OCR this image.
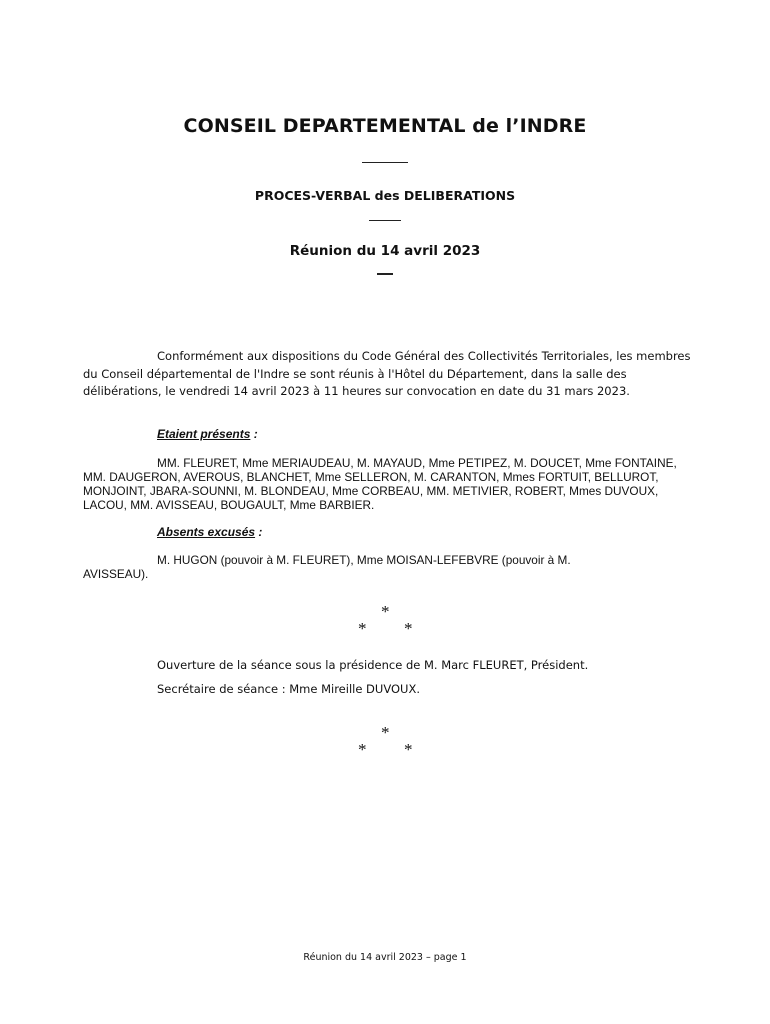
CONSEIL DEPARTEMENTAL de l’INDRE
PROCES-VERBAL des DELIBERATIONS
Réunion du 14 avril 2023
Conformément aux dispositions du Code Général des Collectivités Territoriales, les membres du Conseil départemental de l'Indre se sont réunis à l'Hôtel du Département, dans la salle des délibérations, le vendredi 14 avril 2023 à 11 heures sur convocation en date du 31 mars 2023.
Etaient présents :
MM. FLEURET, Mme MERIAUDEAU, M. MAYAUD, Mme PETIPEZ, M. DOUCET, Mme FONTAINE, MM. DAUGERON, AVEROUS, BLANCHET, Mme SELLERON, M. CARANTON, Mmes FORTUIT, BELLUROT, MONJOINT, JBARA-SOUNNI, M. BLONDEAU, Mme CORBEAU, MM. METIVIER, ROBERT, Mmes DUVOUX, LACOU, MM. AVISSEAU, BOUGAULT, Mme BARBIER.
Absents excusés :
M. HUGON (pouvoir à M. FLEURET), Mme MOISAN-LEFEBVRE (pouvoir à M. AVISSEAU).
*
* *
Ouverture de la séance sous la présidence de M. Marc FLEURET, Président.
Secrétaire de séance : Mme Mireille DUVOUX.
*
* *
Réunion du 14 avril 2023 – page 1
